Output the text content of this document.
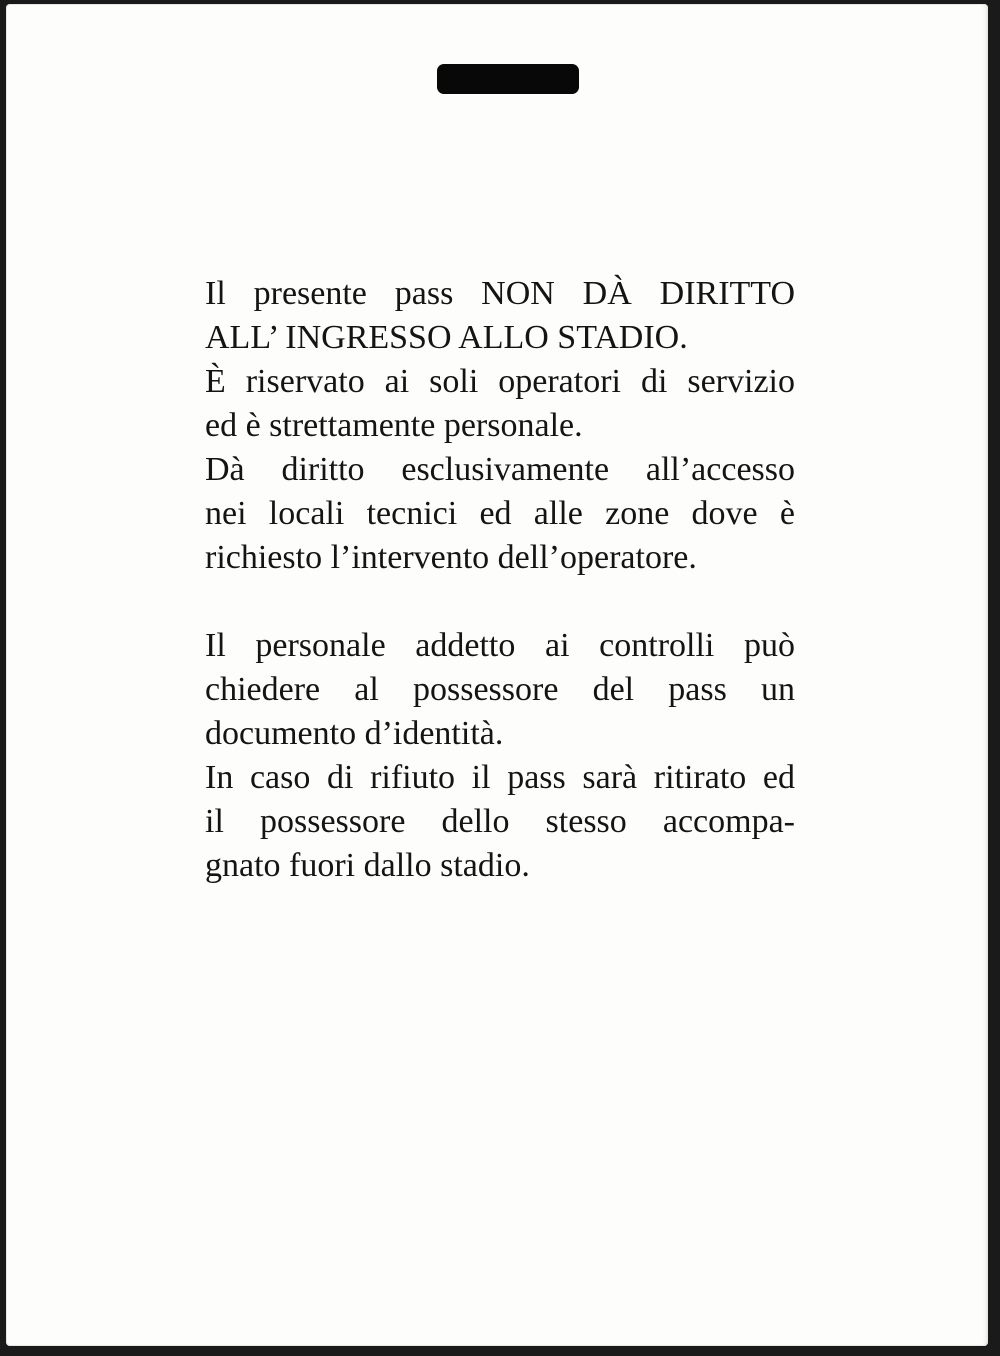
Il presente pass NON DÀ DIRITTO
ALL’ INGRESSO ALLO STADIO.
È riservato ai soli operatori di servizio
ed è strettamente personale.
Dà diritto esclusivamente all’accesso
nei locali tecnici ed alle zone dove è
richiesto l’intervento dell’operatore.
Il personale addetto ai controlli può
chiedere al possessore del pass un
documento d’identità.
In caso di rifiuto il pass sarà ritirato ed
il possessore dello stesso accompa-
gnato fuori dallo stadio.
